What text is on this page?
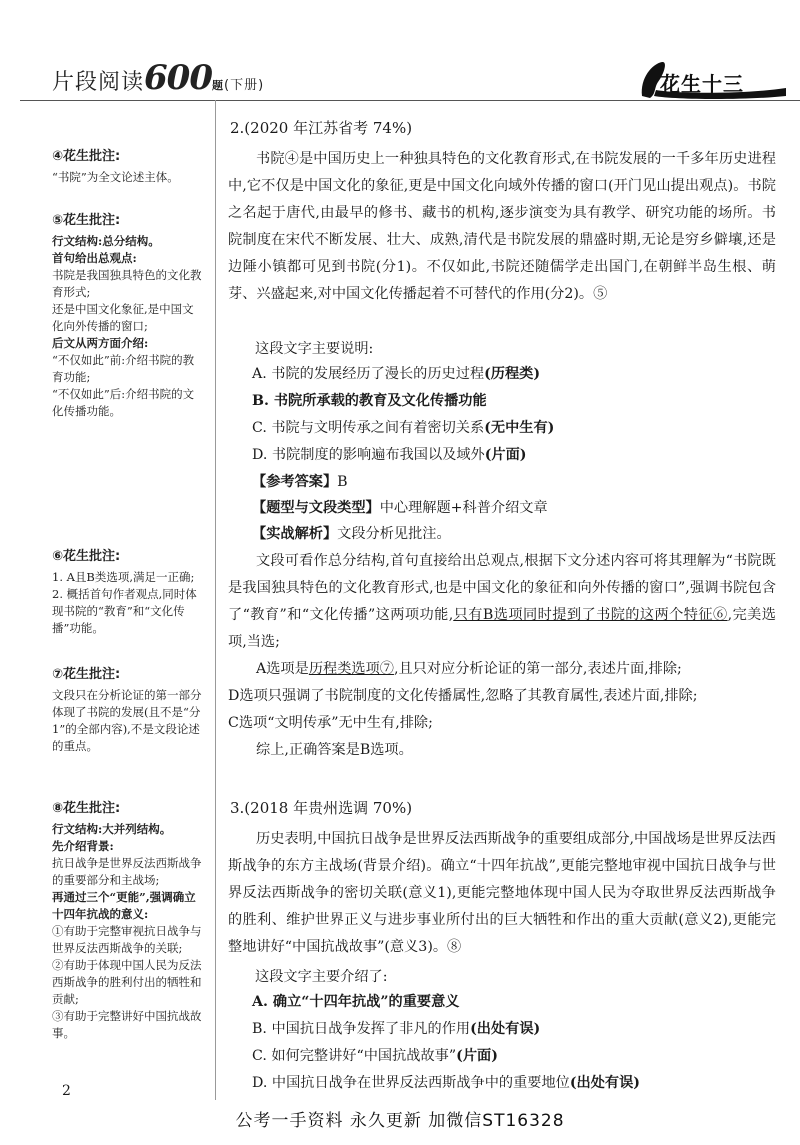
片段阅读600题(下册)	花生十三
④花生批注:

“书院”为全文论述主体。

⑤花生批注:

行文结构:总分结构。

首句给出总观点:

书院是我国独具特色的文化教育形式;

还是中国文化象征,是中国文化向外传播的窗口;

后文从两方面介绍:

“不仅如此”前:介绍书院的教育功能;

“不仅如此”后:介绍书院的文化传播功能。

⑥花生批注:

1. A且B类选项,满足一正确;

2. 概括首句作者观点,同时体现书院的“教育”和“文化传播”功能。

⑦花生批注:

文段只在分析论证的第一部分体现了书院的发展(且不是“分1”的全部内容),不是文段论述的重点。

⑧花生批注:

行文结构:大并列结构。

先介绍背景:

抗日战争是世界反法西斯战争的重要部分和主战场;

再通过三个“更能”,强调确立十四年抗战的意义:

①有助于完整审视抗日战争与世界反法西斯战争的关联;

②有助于体现中国人民为反法西斯战争的胜利付出的牺牲和贡献;

③有助于完整讲好中国抗战故事。

2.(2020 年江苏省考 74%)

书院④是中国历史上一种独具特色的文化教育形式,在书院发展的一千多年历史进程中,它不仅是中国文化的象征,更是中国文化向域外传播的窗口(开门见山提出观点)。书院之名起于唐代,由最早的修书、藏书的机构,逐步演变为具有教学、研究功能的场所。书院制度在宋代不断发展、壮大、成熟,清代是书院发展的鼎盛时期,无论是穷乡僻壤,还是边陲小镇都可见到书院(分1)。不仅如此,书院还随儒学走出国门,在朝鲜半岛生根、萌芽、兴盛起来,对中国文化传播起着不可替代的作用(分2)。⑤

这段文字主要说明:
A. 书院的发展经历了漫长的历史过程(历程类)
B. 书院所承载的教育及文化传播功能
C. 书院与文明传承之间有着密切关系(无中生有)
D. 书院制度的影响遍布我国以及域外(片面)
【参考答案】B
【题型与文段类型】中心理解题+科普介绍文章
【实战解析】文段分析见批注。

文段可看作总分结构,首句直接给出总观点,根据下文分述内容可将其理解为“书院既是我国独具特色的文化教育形式,也是中国文化的象征和向外传播的窗口”,强调书院包含了“教育”和“文化传播”这两项功能,只有B选项同时提到了书院的这两个特征⑥,完美选项,当选;

A选项是历程类选项⑦,且只对应分析论证的第一部分,表述片面,排除;

D选项只强调了书院制度的文化传播属性,忽略了其教育属性,表述片面,排除;

C选项“文明传承”无中生有,排除;

综上,正确答案是B选项。

3.(2018 年贵州选调 70%)

历史表明,中国抗日战争是世界反法西斯战争的重要组成部分,中国战场是世界反法西斯战争的东方主战场(背景介绍)。确立“十四年抗战”,更能完整地审视中国抗日战争与世界反法西斯战争的密切关联(意义1),更能完整地体现中国人民为夺取世界反法西斯战争的胜利、维护世界正义与进步事业所付出的巨大牺牲和作出的重大贡献(意义2),更能完整地讲好“中国抗战故事”(意义3)。⑧

这段文字主要介绍了:
A. 确立“十四年抗战”的重要意义
B. 中国抗日战争发挥了非凡的作用(出处有误)
C. 如何完整讲好“中国抗战故事”(片面)
D. 中国抗日战争在世界反法西斯战争中的重要地位(出处有误)
2
公考一手资料 永久更新 加微信ST16328
